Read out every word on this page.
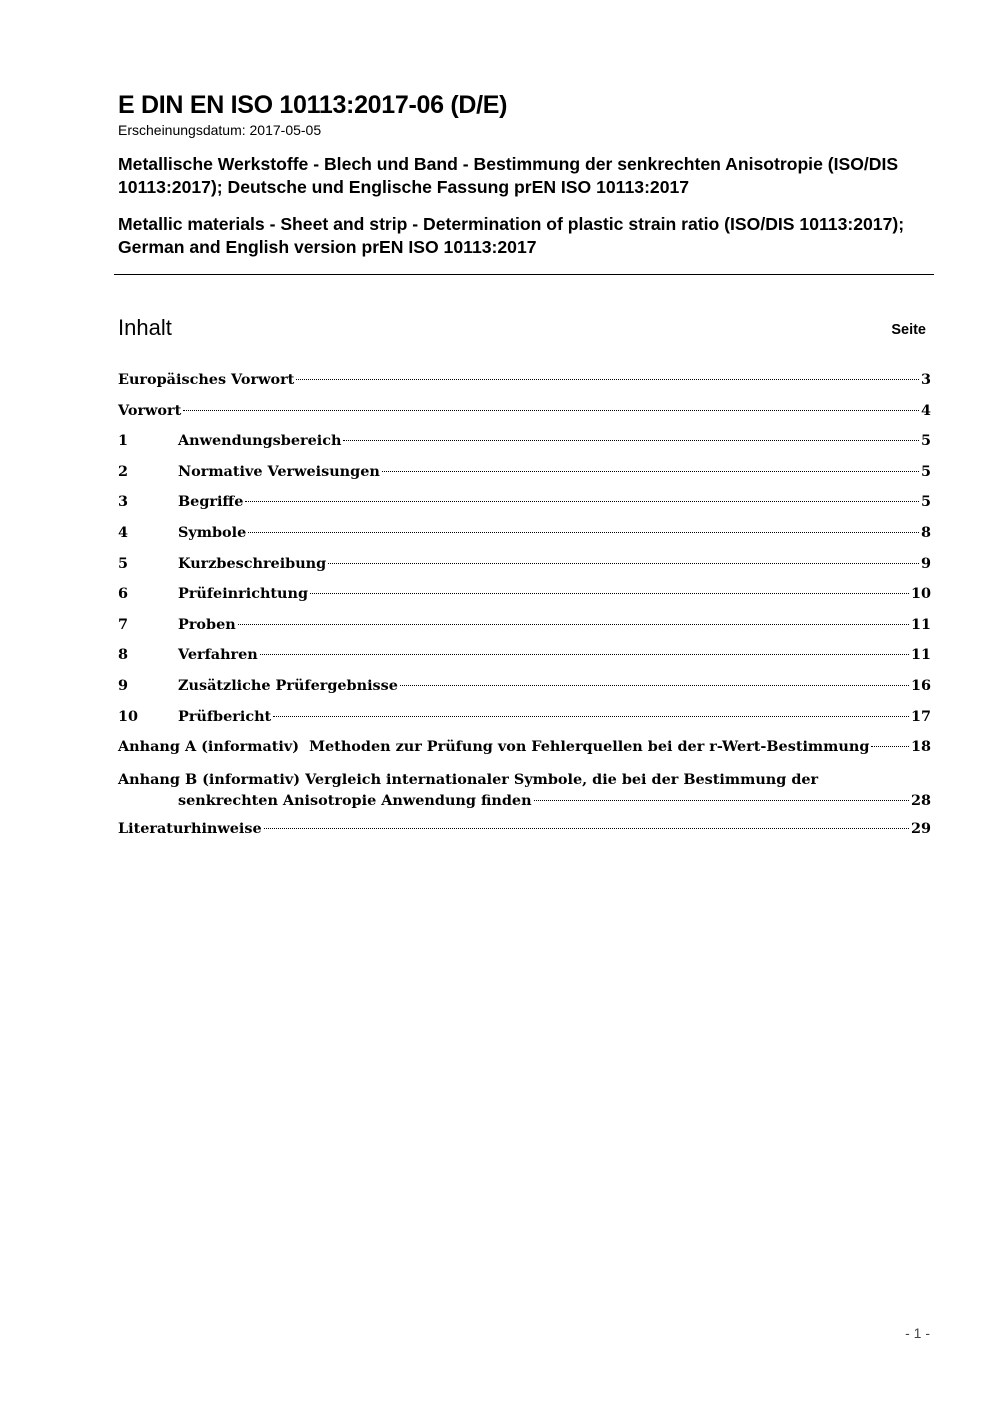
E DIN EN ISO 10113:2017-06 (D/E)
Erscheinungsdatum: 2017-05-05
Metallische Werkstoffe - Blech und Band - Bestimmung der senkrechten Anisotropie (ISO/DIS 10113:2017); Deutsche und Englische Fassung prEN ISO 10113:2017
Metallic materials - Sheet and strip - Determination of plastic strain ratio (ISO/DIS 10113:2017); German and English version prEN ISO 10113:2017
Inhalt	Seite
Europäisches Vorwort	3
Vorwort	4
1	Anwendungsbereich	5
2	Normative Verweisungen	5
3	Begriffe	5
4	Symbole	8
5	Kurzbeschreibung	9
6	Prüfeinrichtung	10
7	Proben	11
8	Verfahren	11
9	Zusätzliche Prüfergebnisse	16
10	Prüfbericht	17
Anhang A (informativ)  Methoden zur Prüfung von Fehlerquellen bei der r-Wert-Bestimmung	18
Anhang B (informativ) Vergleich internationaler Symbole, die bei der Bestimmung der
senkrechten Anisotropie Anwendung finden	28
Literaturhinweise	29
- 1 -
